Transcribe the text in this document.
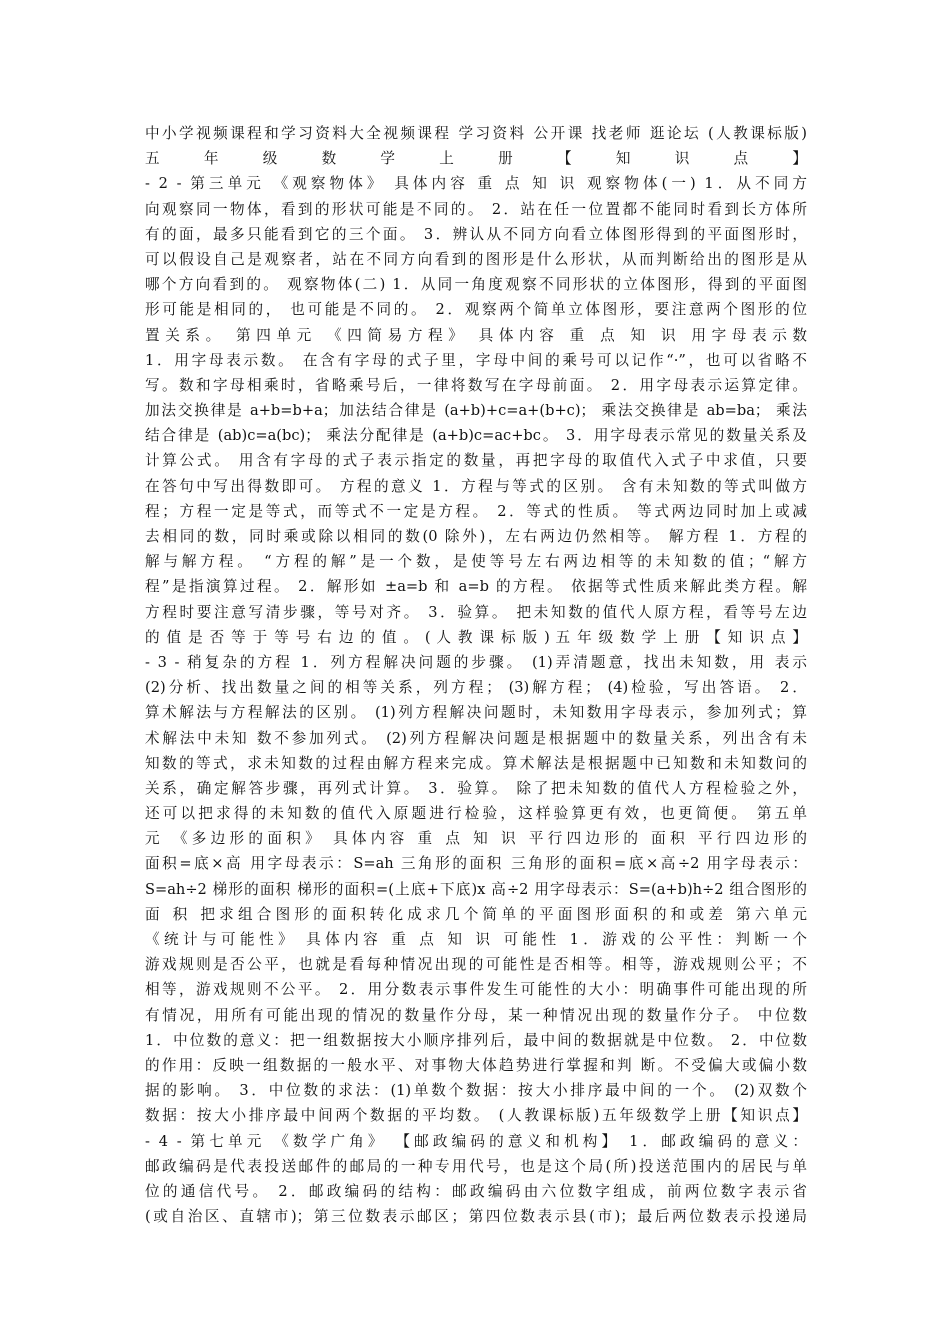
中小学视频课程和学习资料大全视频课程 学习资料 公开课 找老师 逛论坛 (人教课标版)
五 年 级 数 学 上 册 【 知 识 点 】
- 2 - 第三单元 《观察物体》 具体内容 重 点 知 识 观察物体(一) 1．从不同方
向观察同一物体，看到的形状可能是不同的。 2．站在任一位置都不能同时看到长方体所
有的面，最多只能看到它的三个面。 3．辨认从不同方向看立体图形得到的平面图形时，
可以假设自己是观察者，站在不同方向看到的图形是什么形状，从而判断给出的图形是从
哪个方向看到的。 观察物体(二) 1．从同一角度观察不同形状的立体图形，得到的平面图
形可能是相同的， 也可能是不同的。 2．观察两个简单立体图形，要注意两个图形的位
置关系。 第四单元 《四简易方程》 具体内容 重 点 知 识 用字母表示数
1．用字母表示数。 在含有字母的式子里，字母中间的乘号可以记作“·”，也可以省略不
写。数和字母相乘时，省略乘号后，一律将数写在字母前面。 2．用字母表示运算定律。
加法交换律是 a+b=b+a；加法结合律是 (a+b)+c=a+(b+c)； 乘法交换律是 ab=ba； 乘法
结合律是 (ab)c=a(bc)； 乘法分配律是 (a+b)c=ac+bc。 3．用字母表示常见的数量关系及
计算公式。 用含有字母的式子表示指定的数量，再把字母的取值代入式子中求值，只要
在答句中写出得数即可。 方程的意义 1．方程与等式的区别。 含有未知数的等式叫做方
程；方程一定是等式，而等式不一定是方程。 2．等式的性质。 等式两边同时加上或减
去相同的数，同时乘或除以相同的数(0 除外)，左右两边仍然相等。 解方程 1．方程的
解与解方程。 “方程的解”是一个数，是使等号左右两边相等的未知数的值；“解方
程”是指演算过程。 2．解形如 ±a=b 和 a=b 的方程。 依据等式性质来解此类方程。解
方程时要注意写清步骤，等号对齐。 3．验算。 把未知数的值代人原方程，看等号左边
的 值 是 否 等 于 等 号 右 边 的 值 。 ( 人 教 课 标 版 ) 五 年 级 数 学 上 册 【 知 识 点 】
- 3 - 稍复杂的方程 1．列方程解决问题的步骤。 (1)弄清题意，找出未知数，用 表示
(2)分析、找出数量之间的相等关系，列方程； (3)解方程； (4)检验，写出答语。 2．
算术解法与方程解法的区别。 (1)列方程解决问题时，未知数用字母表示，参加列式；算
术解法中未知 数不参加列式。 (2)列方程解决问题是根据题中的数量关系，列出含有未
知数的等式，求未知数的过程由解方程来完成。算术解法是根据题中已知数和未知数问的
关系，确定解答步骤，再列式计算。 3．验算。 除了把未知数的值代人方程检验之外，
还可以把求得的未知数的值代入原题进行检验，这样验算更有效，也更简便。 第五单
元 《多边形的面积》 具体内容 重 点 知 识 平行四边形的 面积 平行四边形的
面积=底×高 用字母表示：S=ah 三角形的面积 三角形的面积=底×高÷2 用字母表示：
S=ah÷2 梯形的面积 梯形的面积=(上底+下底)x 高÷2 用字母表示：S=(a+b)h÷2 组合图形的
面 积 把求组合图形的面积转化成求几个简单的平面图形面积的和或差 第六单元
《统计与可能性》 具体内容 重 点 知 识 可能性 1．游戏的公平性：判断一个
游戏规则是否公平，也就是看每种情况出现的可能性是否相等。相等，游戏规则公平；不
相等，游戏规则不公平。 2．用分数表示事件发生可能性的大小：明确事件可能出现的所
有情况，用所有可能出现的情况的数量作分母，某一种情况出现的数量作分子。 中位数
1．中位数的意义：把一组数据按大小顺序排列后，最中间的数据就是中位数。 2．中位数
的作用：反映一组数据的一般水平、对事物大体趋势进行掌握和判 断。不受偏大或偏小数
据的影响。 3．中位数的求法：(1)单数个数据：按大小排序最中间的一个。 (2)双数个
数据：按大小排序最中间两个数据的平均数。 (人教课标版)五年级数学上册【知识点】
- 4 - 第七单元 《数学广角》 【邮政编码的意义和机构】 1．邮政编码的意义：
邮政编码是代表投送邮件的邮局的一种专用代号，也是这个局(所)投送范围内的居民与单
位的通信代号。 2．邮政编码的结构：邮政编码由六位数字组成，前两位数字表示省
(或自治区、直辖市)；第三位数表示邮区；第四位数表示县(市)；最后两位数表示投递局
